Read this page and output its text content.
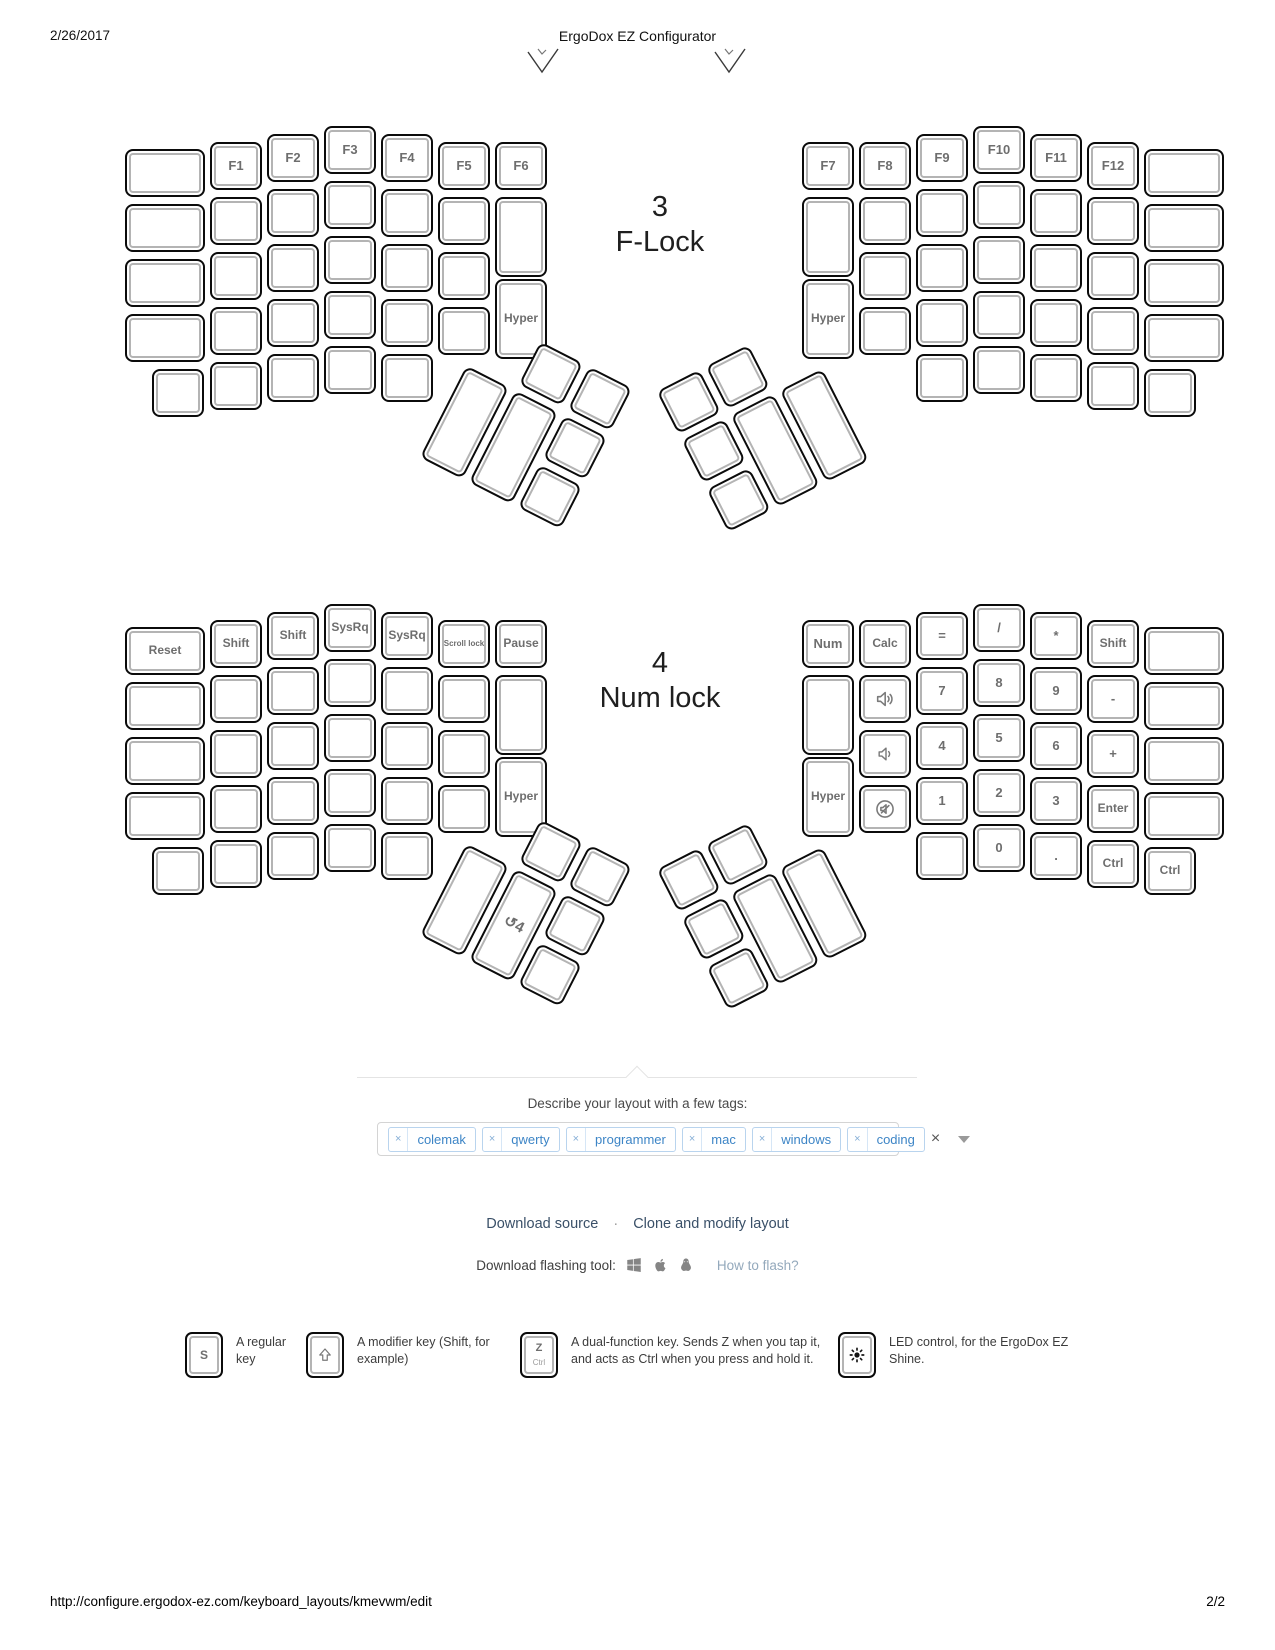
2/26/2017	ErgoDox EZ Configurator
3
F-Lock
F1
F2
F3
F4
F5	F6
Hyper
F7	F8
F9
F10
F11
F12
Hyper
4
Num lock
Reset	Shift
Shift
SysRq
SysRq
Scroll lock	Pause
Hyper
Num	Calc
=
/
*
Shift
7
8
9
-
Hyper
4
5
6
+
1
2
3
Enter
0
.
Ctrl	Ctrl
↺4
Describe your layout with a few tags:
×	colemak	×	qwerty	×	programmer	×	mac	×	windows	×	coding	×
Download source · Clone and modify layout
Download flashing tool:	How to flash?
S
A regular key
A modifier key (Shift, for example)
Z
Ctrl
A dual-function key. Sends Z when you tap it, and acts as Ctrl when you press and hold it.
LED control, for the ErgoDox EZ Shine.
http://configure.ergodox-ez.com/keyboard_layouts/kmevwm/edit	2/2
